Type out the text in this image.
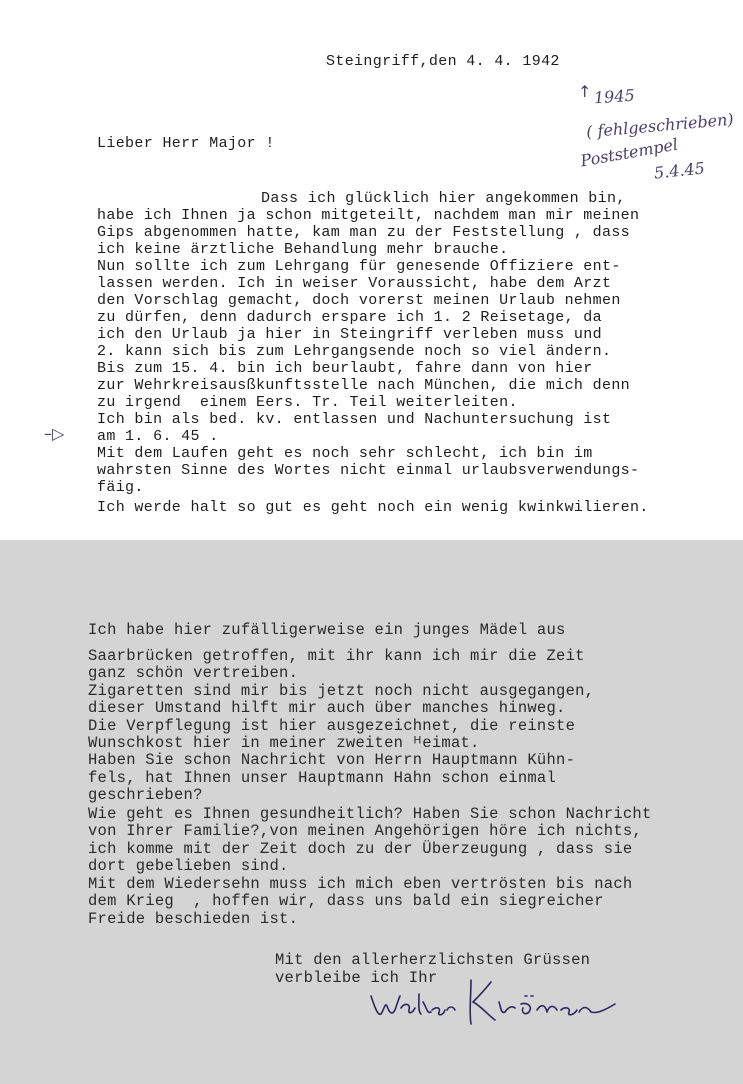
Steingriff,den 4. 4. 1942
Lieber Herr Major !
Dass ich glücklich hier angekommen bin,
habe ich Ihnen ja schon mitgeteilt, nachdem man mir meinen
Gips abgenommen hatte, kam man zu der Feststellung , dass
ich keine ärztliche Behandlung mehr brauche.
Nun sollte ich zum Lehrgang für genesende Offiziere ent-
lassen werden. Ich in weiser Voraussicht, habe dem Arzt
den Vorschlag gemacht, doch vorerst meinen Urlaub nehmen
zu dürfen, denn dadurch erspare ich 1. 2 Reisetage, da
ich den Urlaub ja hier in Steingriff verleben muss und
2. kann sich bis zum Lehrgangsende noch so viel ändern.
Bis zum 15. 4. bin ich beurlaubt, fahre dann von hier
zur Wehrkreisausßkunftsstelle nach München, die mich denn
zu irgend  einem Eers. Tr. Teil weiterleiten.
Ich bin als bed. kv. entlassen und Nachuntersuchung ist
am 1. 6. 45 .
Mit dem Laufen geht es noch sehr schlecht, ich bin im
wahrsten Sinne des Wortes nicht einmal urlaubsverwendungs-
fäig.
Ich werde halt so gut es geht noch ein wenig kwinkwilieren.
↑ 1945
( fehlgeschrieben)
Poststempel
5.4.45
–▷
Ich habe hier zufälligerweise ein junges Mädel aus
Saarbrücken getroffen, mit ihr kann ich mir die Zeit
ganz schön vertreiben.
Zigaretten sind mir bis jetzt noch nicht ausgegangen,
dieser Umstand hilft mir auch über manches hinweg.
Die Verpflegung ist hier ausgezeichnet, die reinste
Wunschkost hier in meiner zweiten ᴴeimat.
Haben Sie schon Nachricht von Herrn Hauptmann Kühn-
fels, hat Ihnen unser Hauptmann Hahn schon einmal
geschrieben?
Wie geht es Ihnen gesundheitlich? Haben Sie schon Nachricht
von Ihrer Familie?,von meinen Angehörigen höre ich nichts,
ich komme mit der Zeit doch zu der Überzeugung , dass sie
dort gebelieben sind.
Mit dem Wiedersehn muss ich mich eben vertrösten bis nach
dem Krieg  , hoffen wir, dass uns bald ein siegreicher
Freide beschieden ist.
Mit den allerherzlichsten Grüssen
verbleibe ich Ihr
